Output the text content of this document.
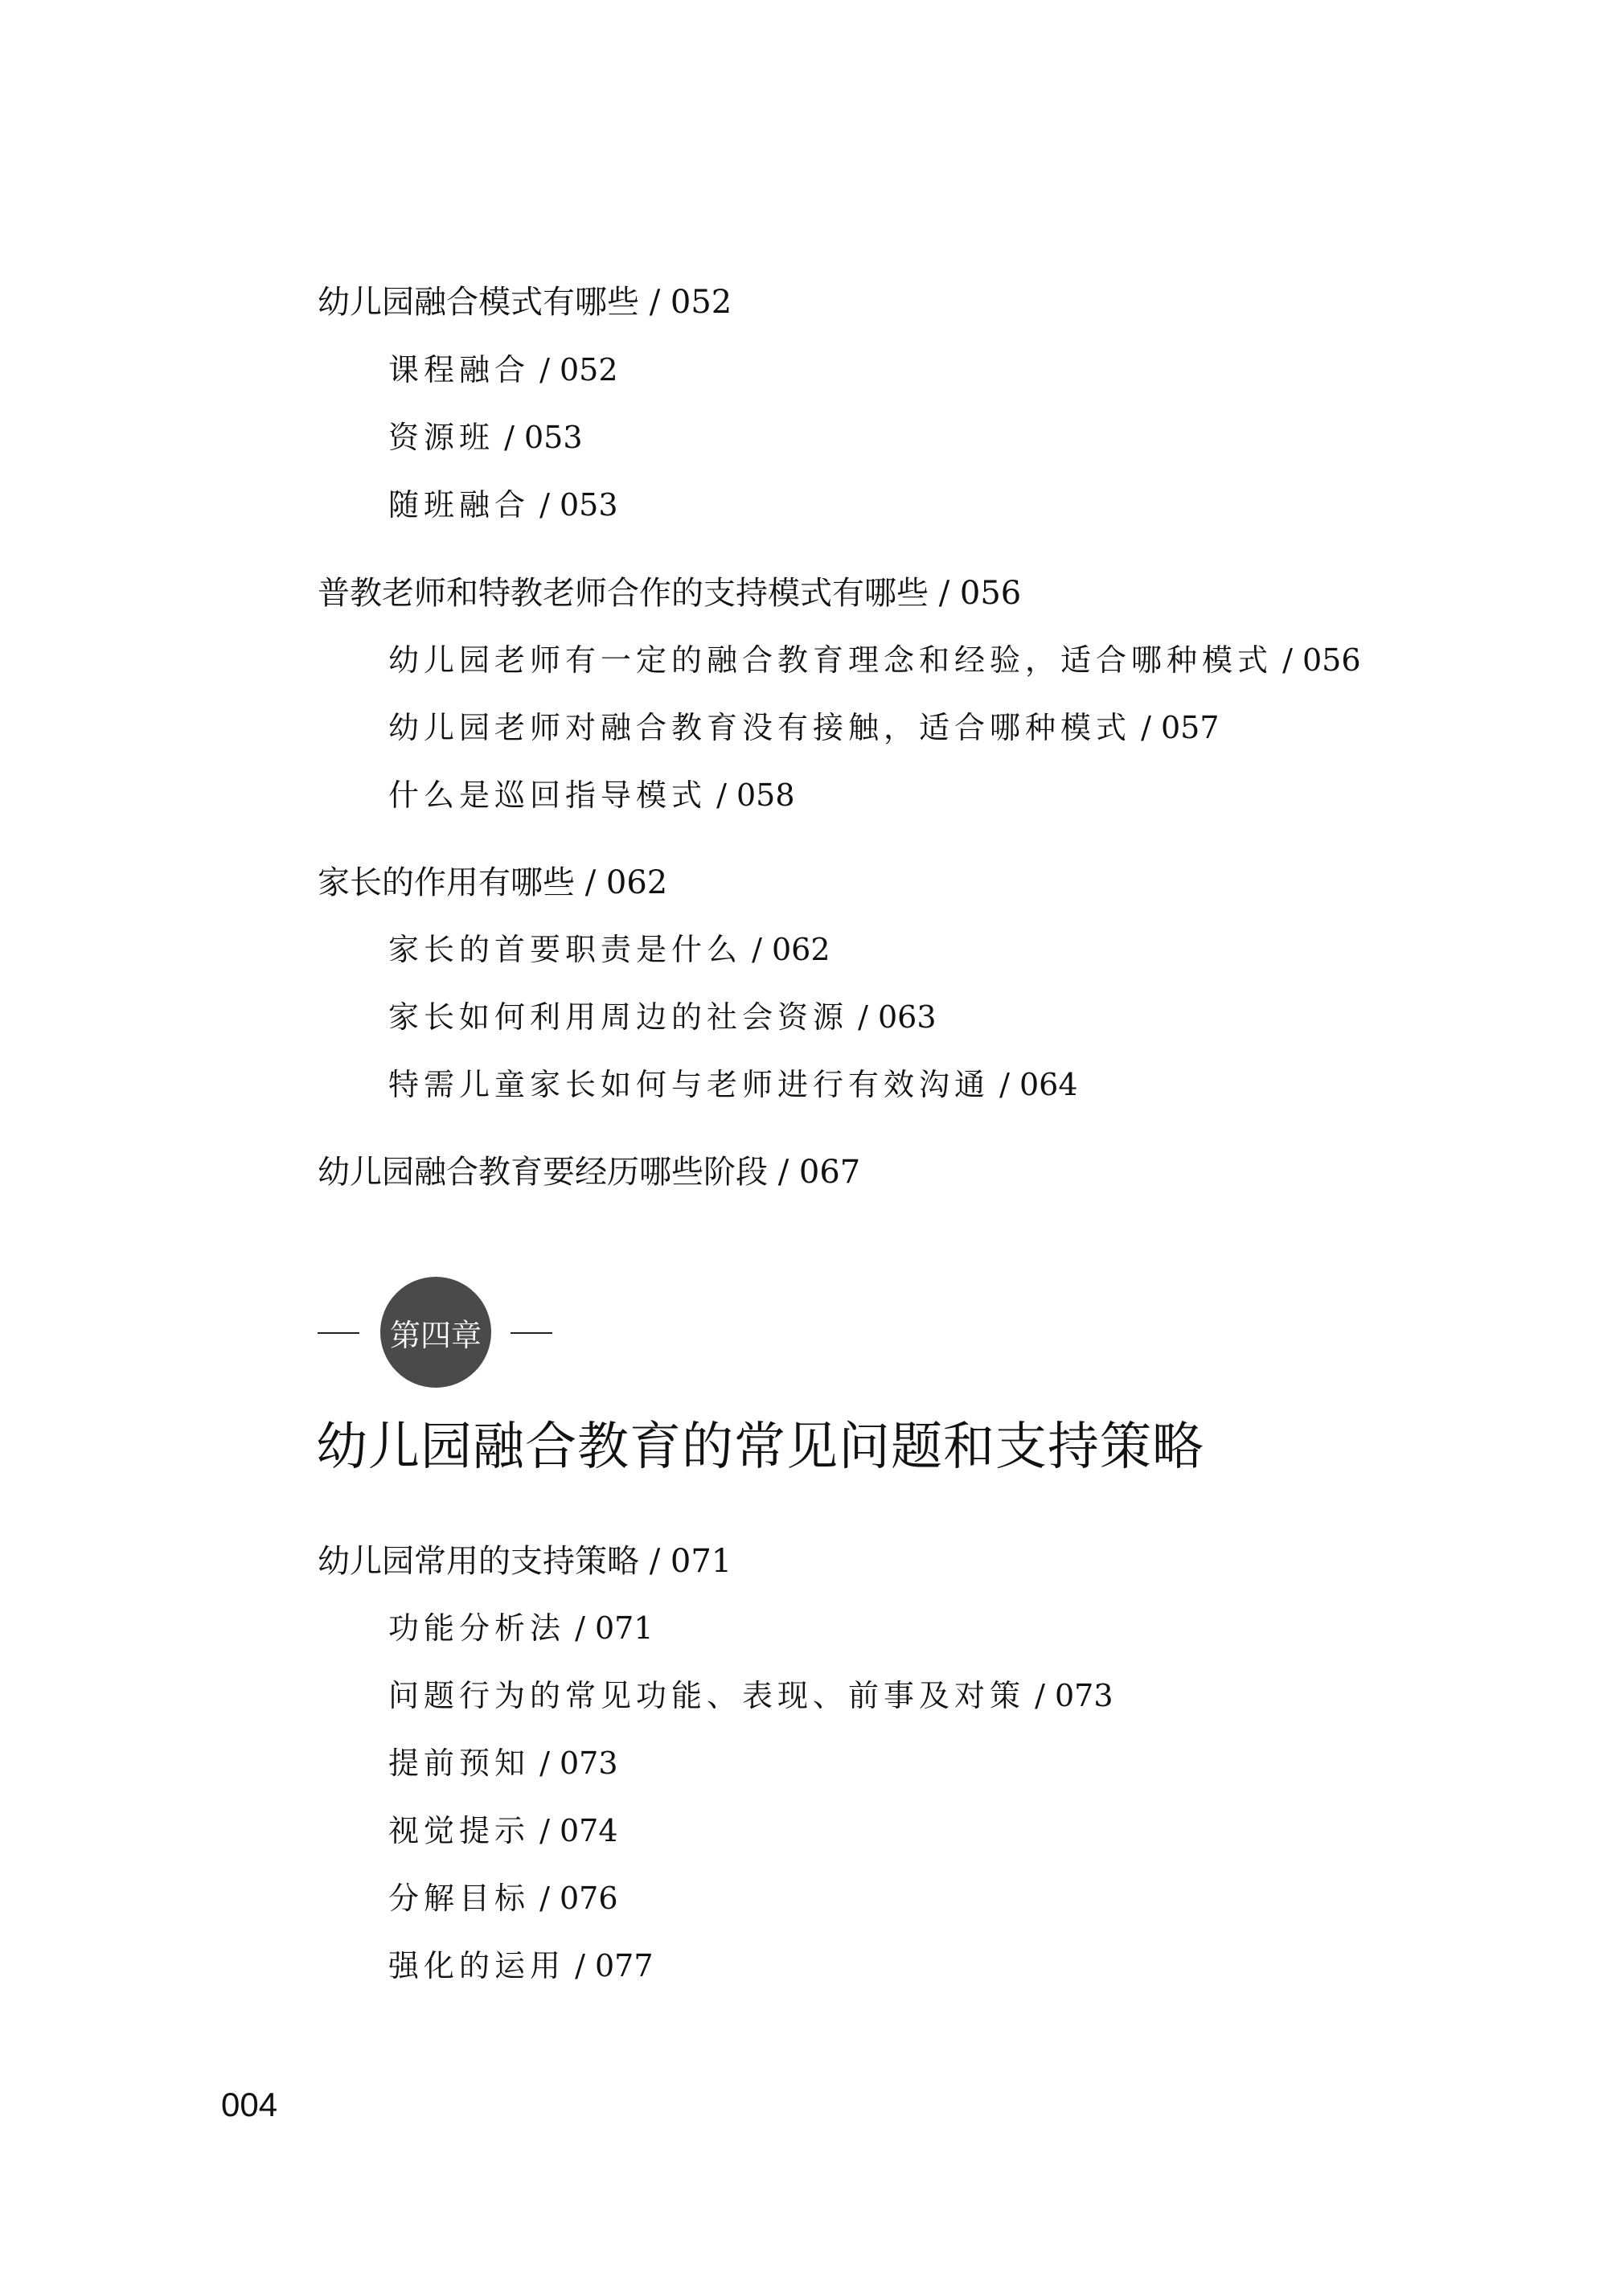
幼儿园融合模式有哪些 / 052
课程融合 / 052
资源班 / 053
随班融合 / 053
普教老师和特教老师合作的支持模式有哪些 / 056
幼儿园老师有一定的融合教育理念和经验，适合哪种模式 / 056
幼儿园老师对融合教育没有接触，适合哪种模式 / 057
什么是巡回指导模式 / 058
家长的作用有哪些 / 062
家长的首要职责是什么 / 062
家长如何利用周边的社会资源 / 063
特需儿童家长如何与老师进行有效沟通 / 064
幼儿园融合教育要经历哪些阶段 / 067
第四章
幼儿园融合教育的常见问题和支持策略
幼儿园常用的支持策略 / 071
功能分析法 / 071
问题行为的常见功能、表现、前事及对策 / 073
提前预知 / 073
视觉提示 / 074
分解目标 / 076
强化的运用 / 077
004
